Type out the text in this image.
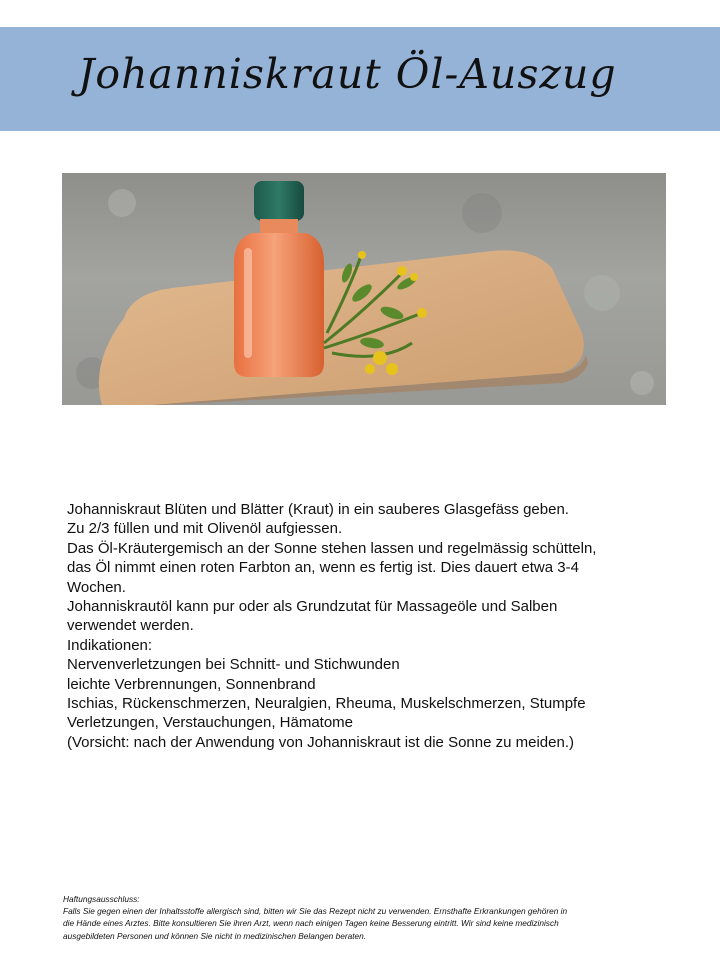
Johanniskraut Öl-Auszug

Johanniskraut Blüten und Blätter (Kraut) in ein sauberes Glasgefäss geben.

Zu 2/3 füllen und mit Olivenöl aufgiessen.

Das Öl-Kräutergemisch an der Sonne stehen lassen und regelmässig schütteln,

das Öl nimmt einen roten Farbton an, wenn es fertig ist. Dies dauert etwa 3-4

Wochen.

Johanniskrautöl kann pur oder als Grundzutat für Massageöle und Salben

verwendet werden.

Indikationen:

Nervenverletzungen bei Schnitt- und Stichwunden

leichte Verbrennungen, Sonnenbrand

Ischias, Rückenschmerzen, Neuralgien, Rheuma, Muskelschmerzen, Stumpfe

Verletzungen, Verstauchungen, Hämatome

(Vorsicht: nach der Anwendung von Johanniskraut ist die Sonne zu meiden.)

Haftungsausschluss:

Falls Sie gegen einen der Inhaltsstoffe allergisch sind, bitten wir Sie das Rezept nicht zu verwenden. Ernsthafte Erkrankungen gehören in

die Hände eines Arztes. Bitte konsultieren Sie ihren Arzt, wenn nach einigen Tagen keine Besserung eintritt. Wir sind keine medizinisch

ausgebildeten Personen und können Sie nicht in medizinischen Belangen beraten.
